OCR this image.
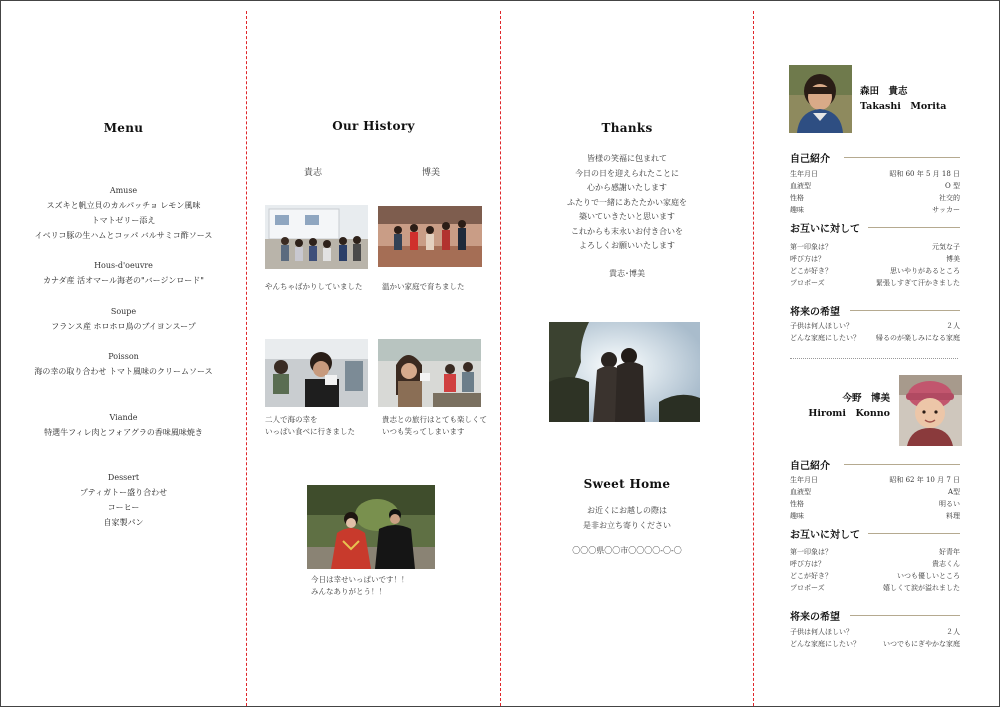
Menu
Amuse
スズキと帆立貝のカルパッチョ レモン風味
トマトゼリー添え
イベリコ豚の生ハムとコッパ バルサミコ酢ソース
Hous-d'oeuvre
カナダ産 活オマール海老の"バージンロード"
Soupe
フランス産 ホロホロ鳥のブイヨンスープ
Poisson
海の幸の取り合わせ トマト風味のクリームソース
Viande
特選牛フィレ肉とフォアグラの香味風味焼き
Dessert
プティガトー盛り合わせ
コーヒー
自家製パン
Our History
貴志	博美
やんちゃばかりしていました	温かい家庭で育ちました
二人で海の幸を
いっぱい食べに行きました
貴志との旅行はとても楽しくて
いつも笑ってしまいます
今日は幸せいっぱいです！！
みんなありがとう！！
Thanks
皆様の笑福に包まれて
今日の日を迎えられたことに
心から感謝いたします
ふたりで一緒にあたたかい家庭を
築いていきたいと思います
これからも末永いお付き合いを
よろしくお願いいたします
貴志･博美
Sweet Home
お近くにお越しの際は
是非お立ち寄りください
〇〇〇県〇〇市〇〇〇〇-〇-〇
森田　貴志
Takashi　Morita
自己紹介
生年月日	昭和 60 年 5 月 18 日
血液型	O 型
性格	社交的
趣味	サッカー
お互いに対して
第一印象は？	元気な子
呼び方は？	博美
どこが好き？	思いやりがあるところ
プロポーズ	緊張しすぎて汗かきました
将来の希望
子供は何人ほしい？	２人
どんな家庭にしたい？ 帰るのが楽しみになる家庭
今野　博美
Hiromi　Konno
自己紹介
生年月日	昭和 62 年 10 月 7 日
血液型	A型
性格	明るい
趣味	料理
お互いに対して
第一印象は？	好青年
呼び方は？	貴志くん
どこが好き？	いつも優しいところ
プロポーズ	嬉しくて涙が溢れました
将来の希望
子供は何人ほしい？	２人
どんな家庭にしたい？	いつでもにぎやかな家庭
